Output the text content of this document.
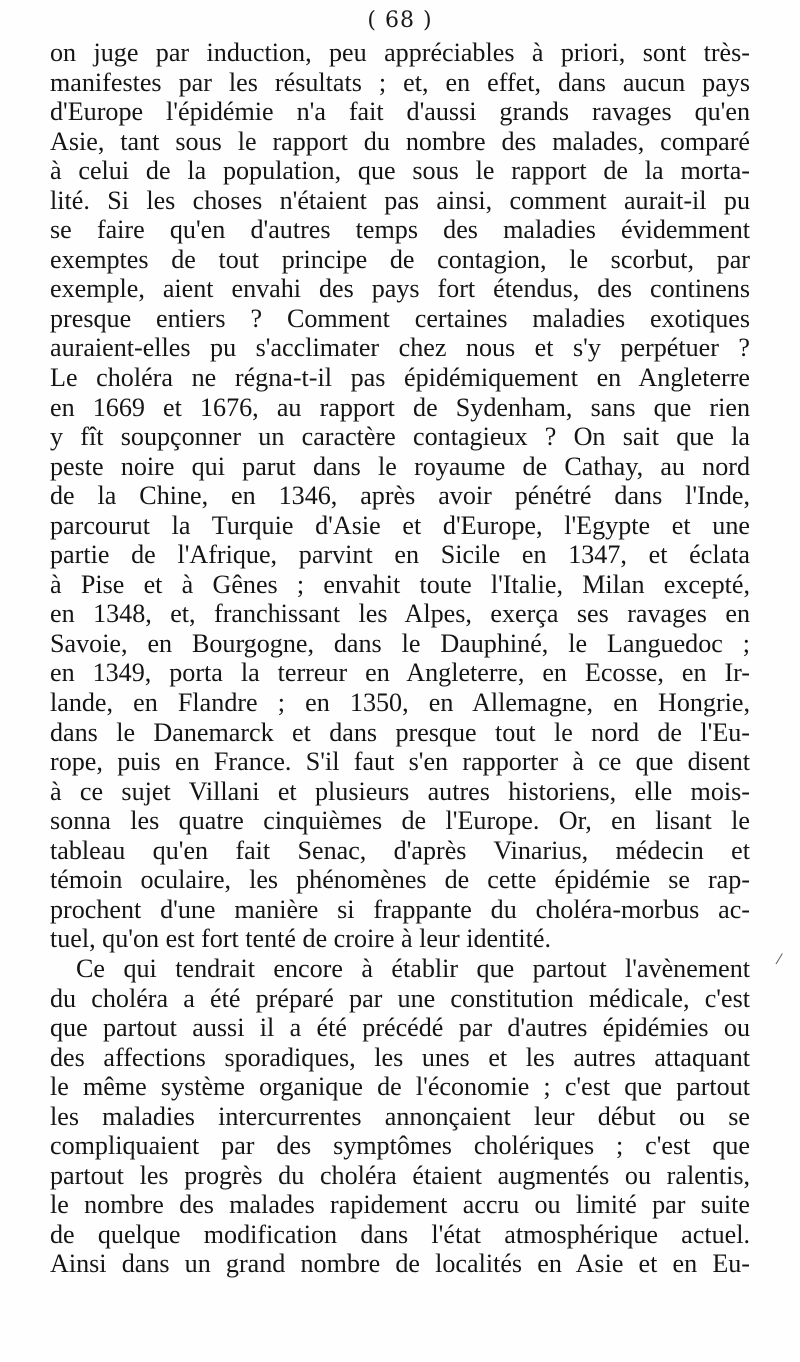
( 68 )
on juge par induction, peu appréciables à priori, sont très-
manifestes par les résultats ; et, en effet, dans aucun pays
d'Europe l'épidémie n'a fait d'aussi grands ravages qu'en
Asie, tant sous le rapport du nombre des malades, comparé
à celui de la population, que sous le rapport de la morta-
lité. Si les choses n'étaient pas ainsi, comment aurait-il pu
se faire qu'en d'autres temps des maladies évidemment
exemptes de tout principe de contagion, le scorbut, par
exemple, aient envahi des pays fort étendus, des continens
presque entiers ? Comment certaines maladies exotiques
auraient-elles pu s'acclimater chez nous et s'y perpétuer ?
Le choléra ne régna-t-il pas épidémiquement en Angleterre
en 1669 et 1676, au rapport de Sydenham, sans que rien
y fît soupçonner un caractère contagieux ? On sait que la
peste noire qui parut dans le royaume de Cathay, au nord
de la Chine, en 1346, après avoir pénétré dans l'Inde,
parcourut la Turquie d'Asie et d'Europe, l'Egypte et une
partie de l'Afrique, parvint en Sicile en 1347, et éclata
à Pise et à Gênes ; envahit toute l'Italie, Milan excepté,
en 1348, et, franchissant les Alpes, exerça ses ravages en
Savoie, en Bourgogne, dans le Dauphiné, le Languedoc ;
en 1349, porta la terreur en Angleterre, en Ecosse, en Ir-
lande, en Flandre ; en 1350, en Allemagne, en Hongrie,
dans le Danemarck et dans presque tout le nord de l'Eu-
rope, puis en France. S'il faut s'en rapporter à ce que disent
à ce sujet Villani et plusieurs autres historiens, elle mois-
sonna les quatre cinquièmes de l'Europe. Or, en lisant le
tableau qu'en fait Senac, d'après Vinarius, médecin et
témoin oculaire, les phénomènes de cette épidémie se rap-
prochent d'une manière si frappante du choléra-morbus ac-
tuel, qu'on est fort tenté de croire à leur identité.
Ce qui tendrait encore à établir que partout l'avènement
du choléra a été préparé par une constitution médicale, c'est
que partout aussi il a été précédé par d'autres épidémies ou
des affections sporadiques, les unes et les autres attaquant
le même système organique de l'économie ; c'est que partout
les maladies intercurrentes annonçaient leur début ou se
compliquaient par des symptômes cholériques ; c'est que
partout les progrès du choléra étaient augmentés ou ralentis,
le nombre des malades rapidement accru ou limité par suite
de quelque modification dans l'état atmosphérique actuel.
Ainsi dans un grand nombre de localités en Asie et en Eu-
⁄
